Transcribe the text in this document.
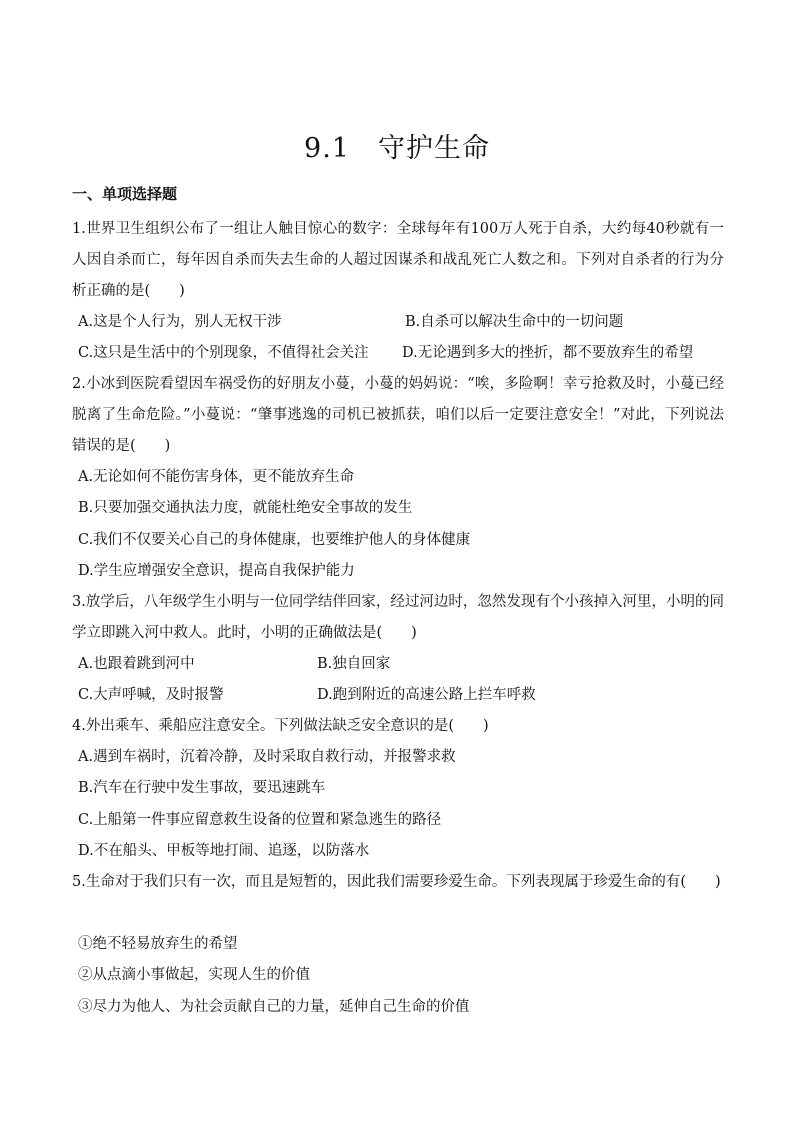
9.1　守护生命
一、单项选择题
1.世界卫生组织公布了一组让人触目惊心的数字：全球每年有100万人死于自杀，大约每40秒就有一人因自杀而亡，每年因自杀而失去生命的人超过因谋杀和战乱死亡人数之和。下列对自杀者的行为分析正确的是(　　)
A.这是个人行为，别人无权干涉	B.自杀可以解决生命中的一切问题
C.这只是生活中的个别现象，不值得社会关注 D.无论遇到多大的挫折，都不要放弃生的希望
2.小冰到医院看望因车祸受伤的好朋友小蔓，小蔓的妈妈说：“唉，多险啊！幸亏抢救及时，小蔓已经脱离了生命危险。”小蔓说：“肇事逃逸的司机已被抓获，咱们以后一定要注意安全！”对此，下列说法错误的是(　　)
A.无论如何不能伤害身体，更不能放弃生命
B.只要加强交通执法力度，就能杜绝安全事故的发生
C.我们不仅要关心自己的身体健康，也要维护他人的身体健康
D.学生应增强安全意识，提高自我保护能力
3.放学后，八年级学生小明与一位同学结伴回家，经过河边时，忽然发现有个小孩掉入河里，小明的同学立即跳入河中救人。此时，小明的正确做法是(　　)
A.也跟着跳到河中	B.独自回家
C.大声呼喊，及时报警	D.跑到附近的高速公路上拦车呼救
4.外出乘车、乘船应注意安全。下列做法缺乏安全意识的是(　　)
A.遇到车祸时，沉着冷静，及时采取自救行动，并报警求救
B.汽车在行驶中发生事故，要迅速跳车
C.上船第一件事应留意救生设备的位置和紧急逃生的路径
D.不在船头、甲板等地打闹、追逐，以防落水
5.生命对于我们只有一次，而且是短暂的，因此我们需要珍爱生命。下列表现属于珍爱生命的有(　　)
①绝不轻易放弃生的希望
②从点滴小事做起，实现人生的价值
③尽力为他人、为社会贡献自己的力量，延伸自己生命的价值
